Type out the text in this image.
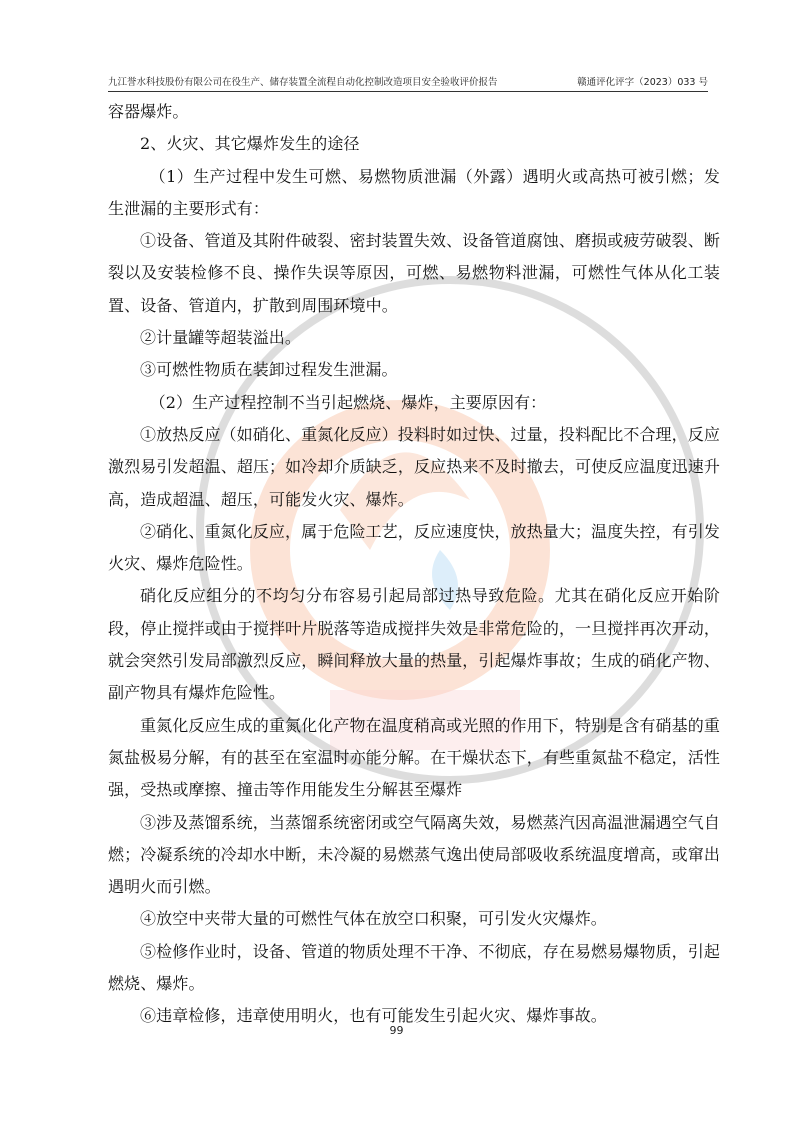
九江誉水科技股份有限公司在役生产、储存装置全流程自动化控制改造项目安全验收评价报告	赣通评化评字（2023）033 号

容器爆炸。

2、火灾、其它爆炸发生的途径

（1）生产过程中发生可燃、易燃物质泄漏（外露）遇明火或高热可被引燃；发生泄漏的主要形式有：

①设备、管道及其附件破裂、密封装置失效、设备管道腐蚀、磨损或疲劳破裂、断裂以及安装检修不良、操作失误等原因，可燃、易燃物料泄漏，可燃性气体从化工装置、设备、管道内，扩散到周围环境中。

②计量罐等超装溢出。

③可燃性物质在装卸过程发生泄漏。

（2）生产过程控制不当引起燃烧、爆炸，主要原因有：

①放热反应（如硝化、重氮化反应）投料时如过快、过量，投料配比不合理，反应激烈易引发超温、超压；如冷却介质缺乏，反应热来不及时撤去，可使反应温度迅速升高，造成超温、超压，可能发火灾、爆炸。

②硝化、重氮化反应，属于危险工艺，反应速度快，放热量大；温度失控，有引发火灾、爆炸危险性。

硝化反应组分的不均匀分布容易引起局部过热导致危险。尤其在硝化反应开始阶段，停止搅拌或由于搅拌叶片脱落等造成搅拌失效是非常危险的，一旦搅拌再次开动，就会突然引发局部激烈反应，瞬间释放大量的热量，引起爆炸事故；生成的硝化产物、副产物具有爆炸危险性。

重氮化反应生成的重氮化化产物在温度稍高或光照的作用下，特别是含有硝基的重氮盐极易分解，有的甚至在室温时亦能分解。在干燥状态下，有些重氮盐不稳定，活性强，受热或摩擦、撞击等作用能发生分解甚至爆炸

③涉及蒸馏系统，当蒸馏系统密闭或空气隔离失效，易燃蒸汽因高温泄漏遇空气自燃；冷凝系统的冷却水中断，未冷凝的易燃蒸气逸出使局部吸收系统温度增高，或窜出遇明火而引燃。

④放空中夹带大量的可燃性气体在放空口积聚，可引发火灾爆炸。

⑤检修作业时，设备、管道的物质处理不干净、不彻底，存在易燃易爆物质，引起燃烧、爆炸。

⑥违章检修，违章使用明火，也有可能发生引起火灾、爆炸事故。

99
